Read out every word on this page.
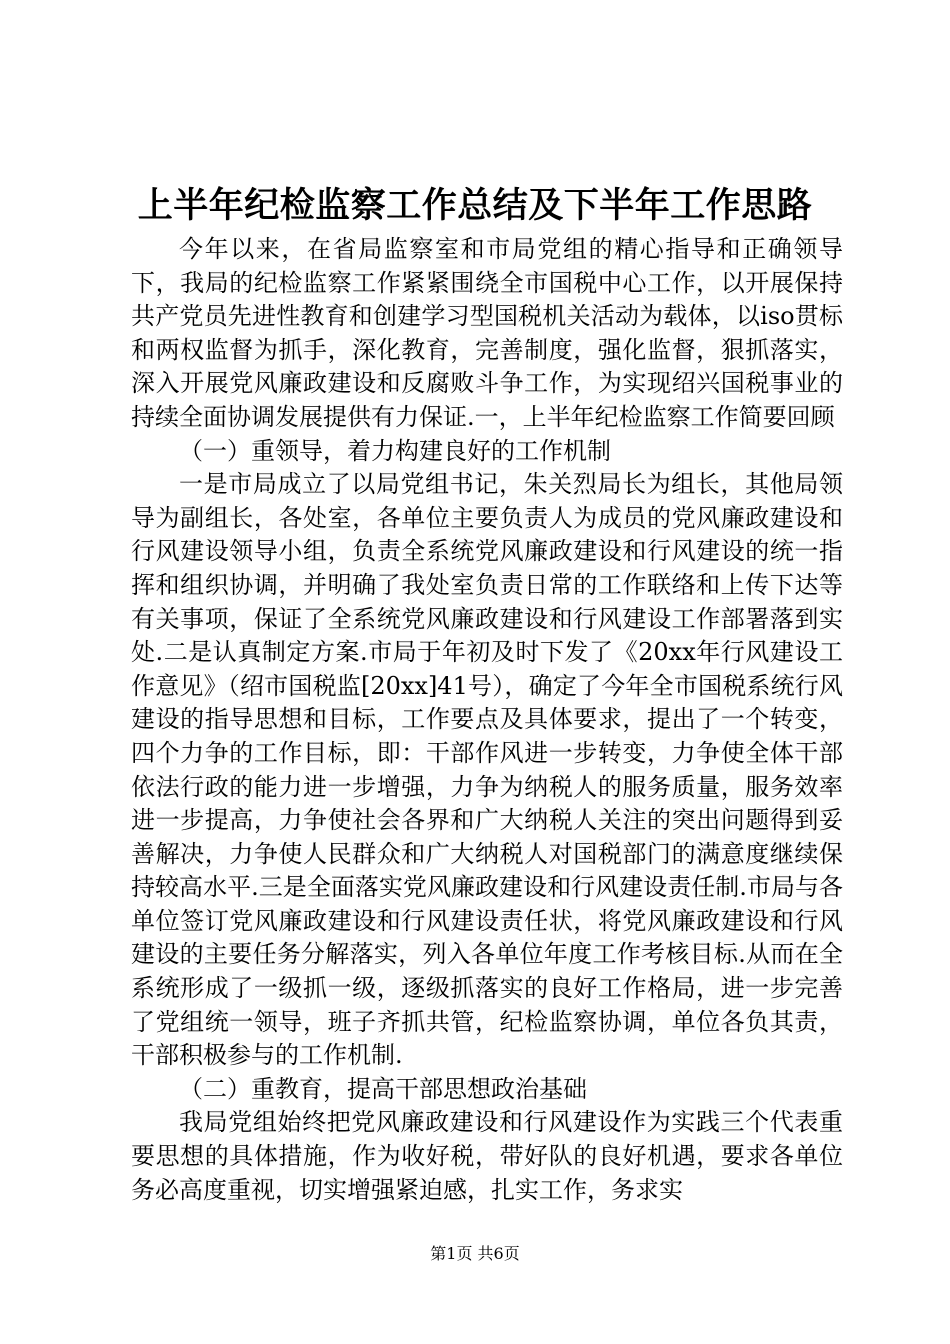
上半年纪检监察工作总结及下半年工作思路

今年以来，在省局监察室和市局党组的精心指导和正确领导下，我局的纪检监察工作紧紧围绕全市国税中心工作，以开展保持共产党员先进性教育和创建学习型国税机关活动为载体，以iso贯标和两权监督为抓手，深化教育，完善制度，强化监督，狠抓落实，深入开展党风廉政建设和反腐败斗争工作，为实现绍兴国税事业的持续全面协调发展提供有力保证.一，上半年纪检监察工作简要回顾

（一）重领导，着力构建良好的工作机制

一是市局成立了以局党组书记，朱关烈局长为组长，其他局领导为副组长，各处室，各单位主要负责人为成员的党风廉政建设和行风建设领导小组，负责全系统党风廉政建设和行风建设的统一指挥和组织协调，并明确了我处室负责日常的工作联络和上传下达等有关事项，保证了全系统党风廉政建设和行风建设工作部署落到实处.二是认真制定方案.市局于年初及时下发了《20xx年行风建设工作意见》（绍市国税监[20xx]41号），确定了今年全市国税系统行风建设的指导思想和目标，工作要点及具体要求，提出了一个转变，四个力争的工作目标，即：干部作风进一步转变，力争使全体干部依法行政的能力进一步增强，力争为纳税人的服务质量，服务效率进一步提高，力争使社会各界和广大纳税人关注的突出问题得到妥善解决，力争使人民群众和广大纳税人对国税部门的满意度继续保持较高水平.三是全面落实党风廉政建设和行风建设责任制.市局与各单位签订党风廉政建设和行风建设责任状，将党风廉政建设和行风建设的主要任务分解落实，列入各单位年度工作考核目标.从而在全系统形成了一级抓一级，逐级抓落实的良好工作格局，进一步完善了党组统一领导，班子齐抓共管，纪检监察协调，单位各负其责，干部积极参与的工作机制.

（二）重教育，提高干部思想政治基础

我局党组始终把党风廉政建设和行风建设作为实践三个代表重要思想的具体措施，作为收好税，带好队的良好机遇，要求各单位务必高度重视，切实增强紧迫感，扎实工作，务求实

第1页 共6页
